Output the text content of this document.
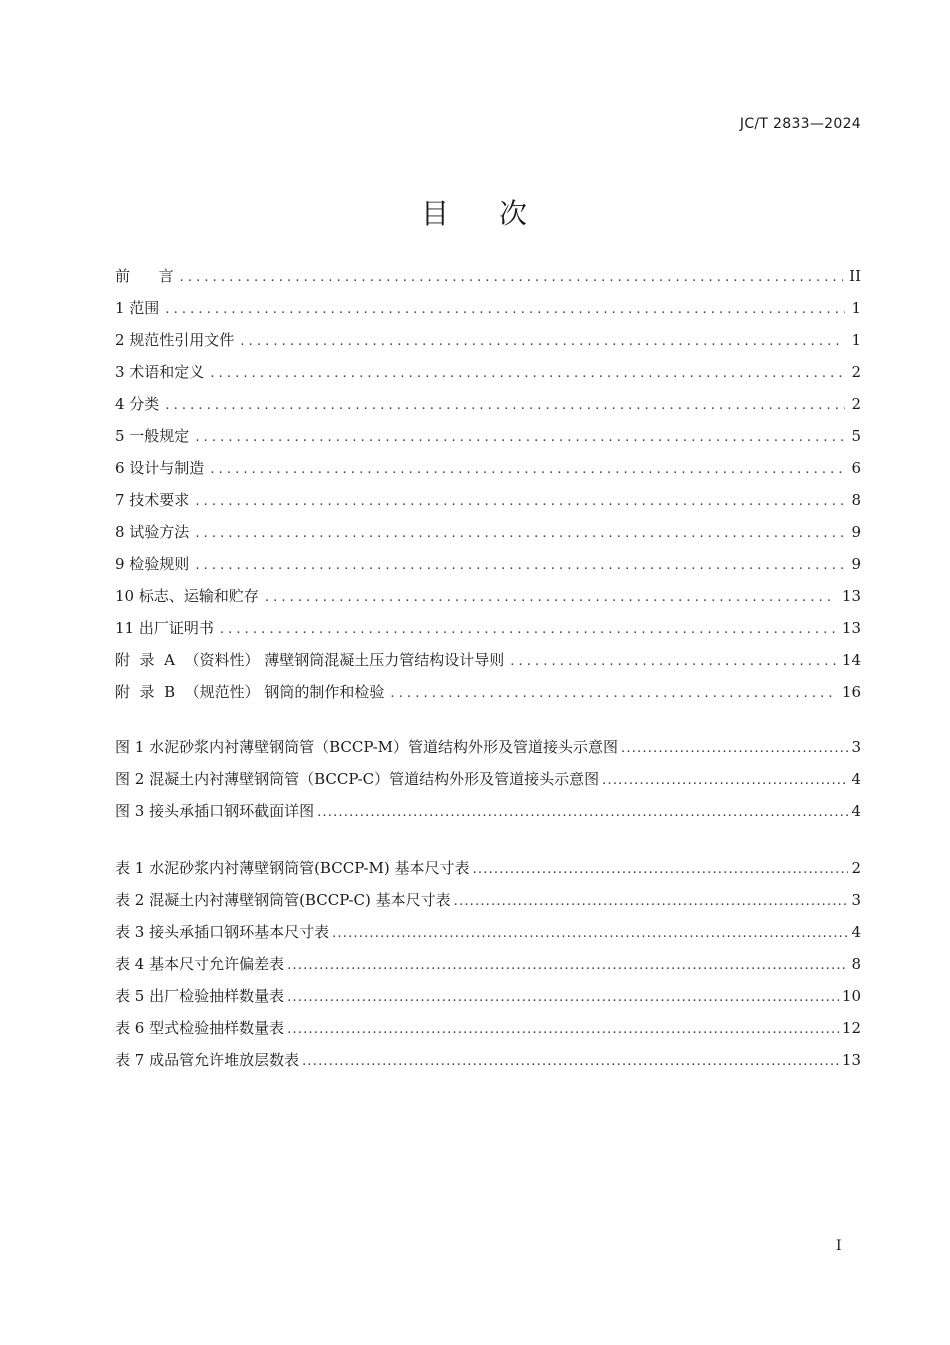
JC/T 2833—2024
目 次
前      言 . . .	II
1 范围 . . .	1
2 规范性引用文件 . . .	1
3 术语和定义 . . .	2
4 分类 . . .	2
5 一般规定 . . .	5
6 设计与制造 . . .	6
7 技术要求 . . .	8
8 试验方法 . . .	9
9 检验规则 . . .	9
10 标志、运输和贮存 . . .	13
11 出厂证明书 . . .	13
附  录  A  （资料性） 薄壁钢筒混凝土压力管结构设计导则 . . .	14
附  录  B  （规范性） 钢筒的制作和检验 . . .	16
图 1 水泥砂浆内衬薄壁钢筒管（BCCP-M）管道结构外形及管道接头示意图 .....	3
图 2 混凝土内衬薄壁钢筒管（BCCP-C）管道结构外形及管道接头示意图 .....	4
图 3 接头承插口钢环截面详图 .....	4
表 1 水泥砂浆内衬薄壁钢筒管(BCCP-M) 基本尺寸表 .....	2
表 2 混凝土内衬薄壁钢筒管(BCCP-C) 基本尺寸表 .....	3
表 3 接头承插口钢环基本尺寸表 .....	4
表 4 基本尺寸允许偏差表 .....	8
表 5 出厂检验抽样数量表 .....	10
表 6 型式检验抽样数量表 .....	12
表 7 成品管允许堆放层数表 .....	13
I
